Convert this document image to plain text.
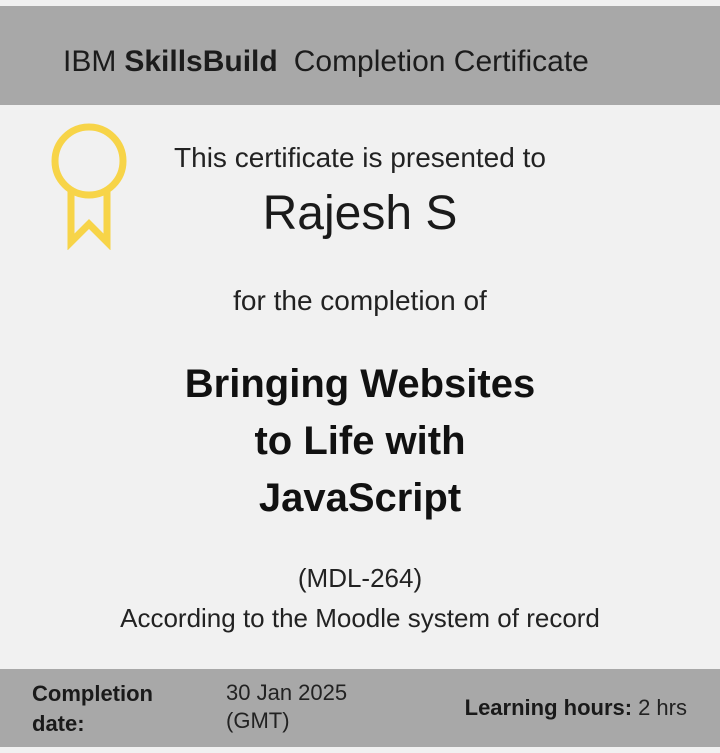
IBM SkillsBuild Completion Certificate
This certificate is presented to
Rajesh S
for the completion of
Bringing Websites
to Life with
JavaScript
(MDL-264)
According to the Moodle system of record
Completion date:
30 Jan 2025 (GMT)
Learning hours: 2 hrs
